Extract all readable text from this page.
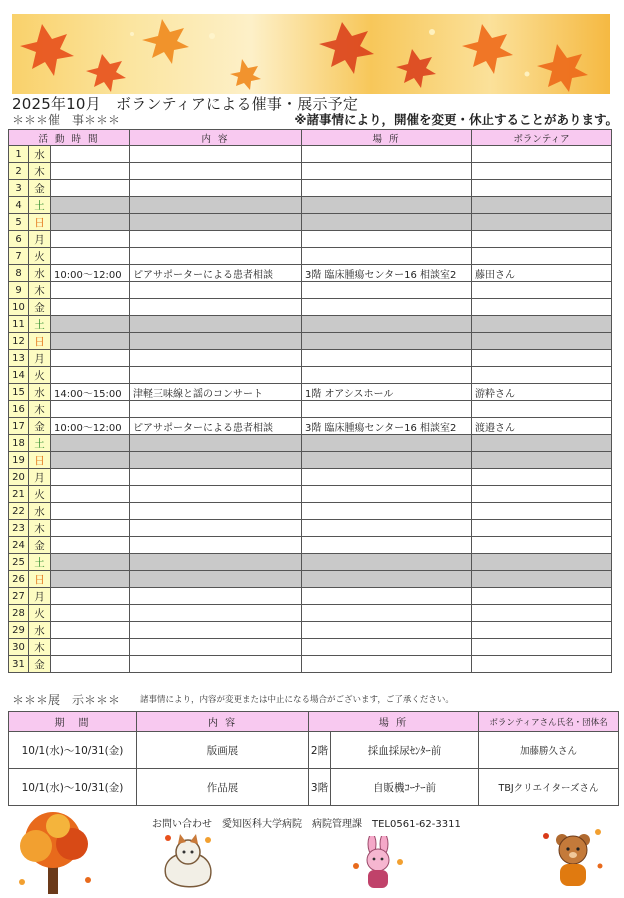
2025年10月　ボランティアによる催事・展示予定
＊＊＊催　事＊＊＊	※諸事情により，開催を変更・休止することがあります。
活 動 時 間			内 容	場 所	ボランティア
1	水				
2	木				
3	金				
4	土				
5	日				
6	月				
7	火				
8	水	10:00～12:00	ピアサポーターによる患者相談	3階 臨床腫瘍センター16 相談室2	藤田さん
9	木				
10	金				
11	土				
12	日				
13	月				
14	火				
15	水	14:00～15:00	津軽三味線と謡のコンサート	1階 オアシスホール	游粋さん
16	木				
17	金	10:00～12:00	ピアサポーターによる患者相談	3階 臨床腫瘍センター16 相談室2	渡邉さん
18	土				
19	日				
20	月				
21	火				
22	水				
23	木				
24	金				
25	土				
26	日				
27	月				
28	火				
29	水				
30	木				
31	金				
＊＊＊展　示＊＊＊ 諸事情により，内容が変更または中止になる場合がございます，ご了承ください。
期　間	内 容	場 所		ボランティアさん氏名・団体名
10/1(水)～10/31(金)	版画展	2階	採血採尿ｾﾝﾀｰ前	加藤勝久さん
10/1(水)～10/31(金)	作品展	3階	自販機ｺｰﾅｰ前	TBJクリエイターズさん
お問い合わせ　愛知医科大学病院　病院管理課　TEL0561-62-3311
